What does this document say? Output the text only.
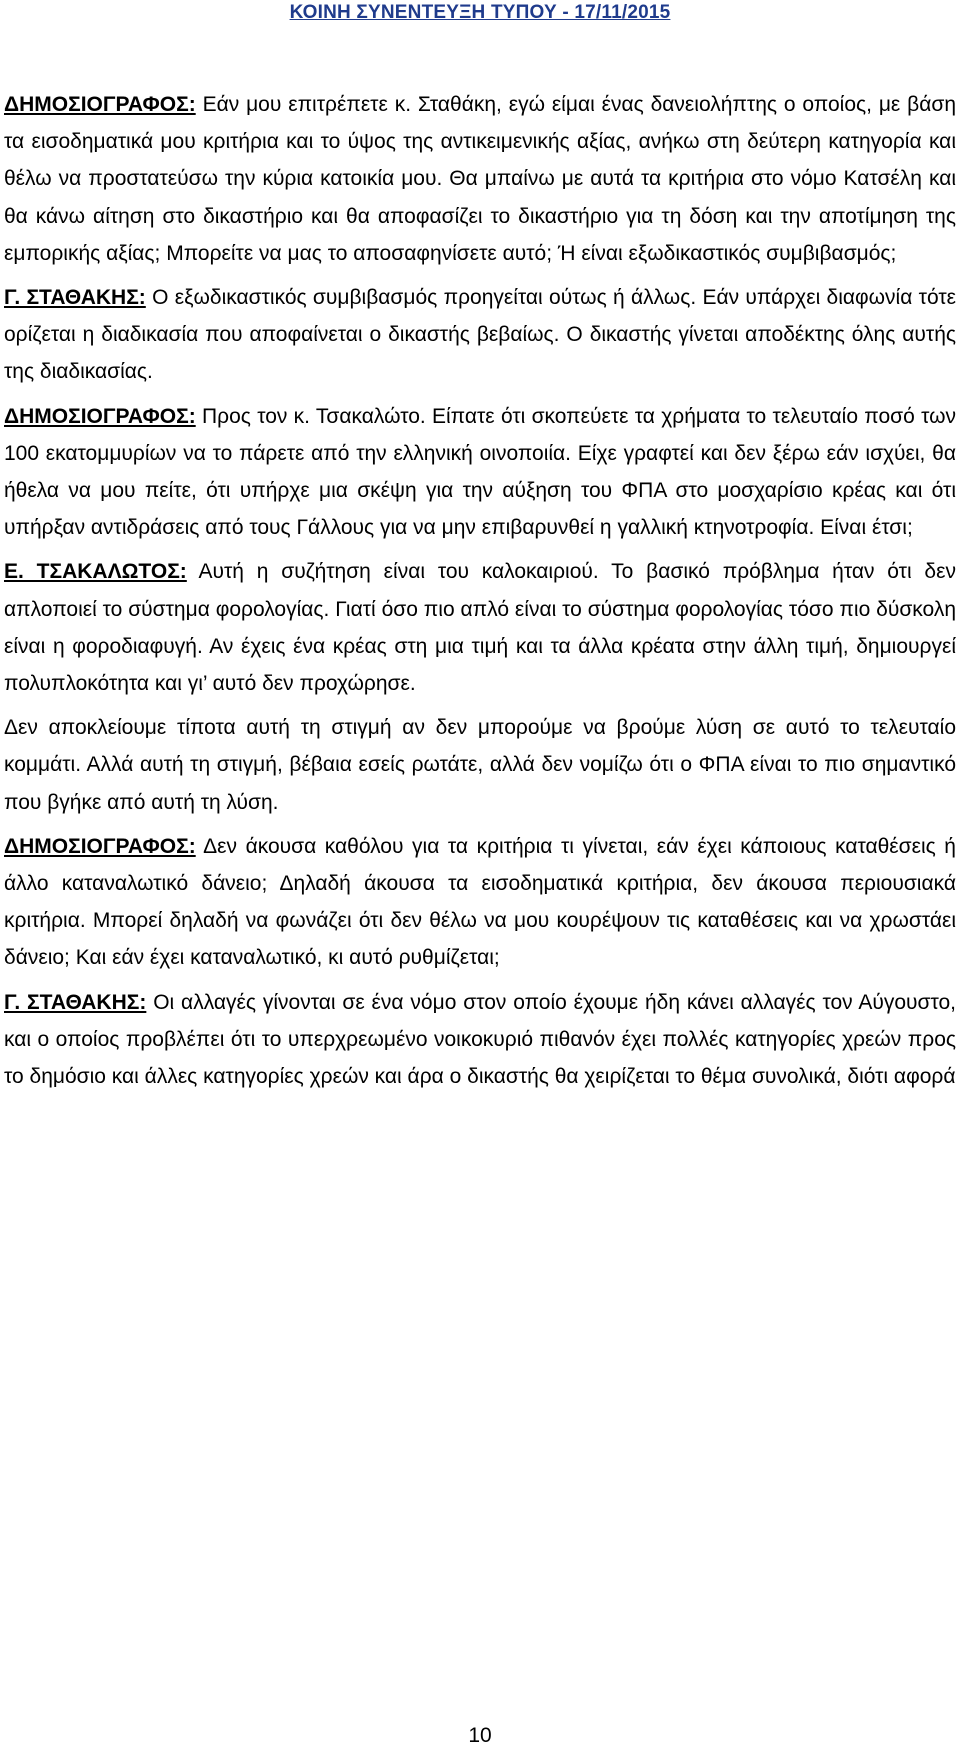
ΚΟΙΝΗ ΣΥΝΕΝΤΕΥΞΗ ΤΥΠΟΥ - 17/11/2015

ΔΗΜΟΣΙΟΓΡΑΦΟΣ: Εάν μου επιτρέπετε κ. Σταθάκη, εγώ είμαι ένας δανειολήπτης ο οποίος, με βάση τα εισοδηματικά μου κριτήρια και το ύψος της αντικειμενικής αξίας, ανήκω στη δεύτερη κατηγορία και θέλω να προστατεύσω την κύρια κατοικία μου. Θα μπαίνω με αυτά τα κριτήρια στο νόμο Κατσέλη και θα κάνω αίτηση στο δικαστήριο και θα αποφασίζει το δικαστήριο για τη δόση και την αποτίμηση της εμπορικής αξίας; Μπορείτε να μας το αποσαφηνίσετε αυτό; Ή είναι εξωδικαστικός συμβιβασμός;

Γ. ΣΤΑΘΑΚΗΣ: Ο εξωδικαστικός συμβιβασμός προηγείται ούτως ή άλλως. Εάν υπάρχει διαφωνία τότε ορίζεται η διαδικασία που αποφαίνεται ο δικαστής βεβαίως. Ο δικαστής γίνεται αποδέκτης όλης αυτής της διαδικασίας.

ΔΗΜΟΣΙΟΓΡΑΦΟΣ: Προς τον κ. Τσακαλώτο. Είπατε ότι σκοπεύετε τα χρήματα το τελευταίο ποσό των 100 εκατομμυρίων να το πάρετε από την ελληνική οινοποιία. Είχε γραφτεί και δεν ξέρω εάν ισχύει, θα ήθελα να μου πείτε, ότι υπήρχε μια σκέψη για την αύξηση του ΦΠΑ στο μοσχαρίσιο κρέας και ότι υπήρξαν αντιδράσεις από τους Γάλλους για να μην επιβαρυνθεί η γαλλική κτηνοτροφία. Είναι έτσι;

Ε. ΤΣΑΚΑΛΩΤΟΣ: Αυτή η συζήτηση είναι του καλοκαιριού. Το βασικό πρόβλημα ήταν ότι δεν απλοποιεί το σύστημα φορολογίας. Γιατί όσο πιο απλό είναι το σύστημα φορολογίας τόσο πιο δύσκολη είναι η φοροδιαφυγή. Αν έχεις ένα κρέας στη μια τιμή και τα άλλα κρέατα στην άλλη τιμή, δημιουργεί πολυπλοκότητα και γι’ αυτό δεν προχώρησε.

Δεν αποκλείουμε τίποτα αυτή τη στιγμή αν δεν μπορούμε να βρούμε λύση σε αυτό το τελευταίο κομμάτι. Αλλά αυτή τη στιγμή, βέβαια εσείς ρωτάτε, αλλά δεν νομίζω ότι ο ΦΠΑ είναι το πιο σημαντικό που βγήκε από αυτή τη λύση.

ΔΗΜΟΣΙΟΓΡΑΦΟΣ: Δεν άκουσα καθόλου για τα κριτήρια τι γίνεται, εάν έχει κάποιους καταθέσεις ή άλλο καταναλωτικό δάνειο; Δηλαδή άκουσα τα εισοδηματικά κριτήρια, δεν άκουσα περιουσιακά κριτήρια. Μπορεί δηλαδή να φωνάζει ότι δεν θέλω να μου κουρέψουν τις καταθέσεις και να χρωστάει δάνειο; Και εάν έχει καταναλωτικό, κι αυτό ρυθμίζεται;

Γ. ΣΤΑΘΑΚΗΣ: Οι αλλαγές γίνονται σε ένα νόμο στον οποίο έχουμε ήδη κάνει αλλαγές τον Αύγουστο, και ο οποίος προβλέπει ότι το υπερχρεωμένο νοικοκυριό πιθανόν έχει πολλές κατηγορίες χρεών προς το δημόσιο και άλλες κατηγορίες χρεών και άρα ο δικαστής θα χειρίζεται το θέμα συνολικά, διότι αφορά

10
